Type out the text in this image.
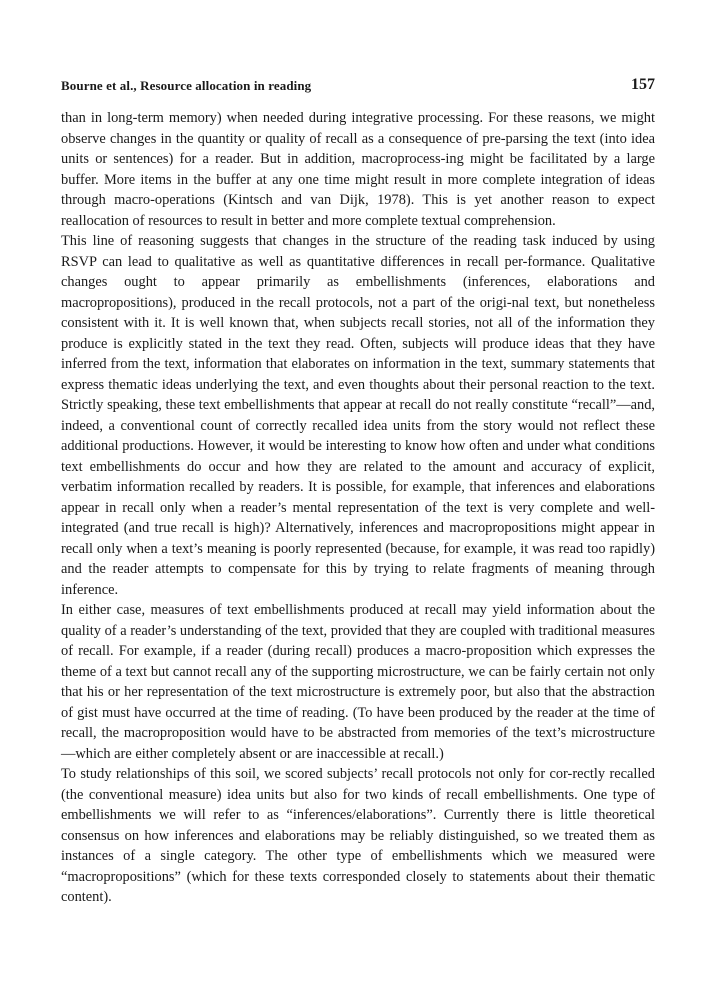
Bourne et al., Resource allocation in reading	157

than in long-term memory) when needed during integrative processing. For these reasons, we might observe changes in the quantity or quality of recall as a consequence of pre-parsing the text (into idea units or sentences) for a reader. But in addition, macroprocess-ing might be facilitated by a large buffer. More items in the buffer at any one time might result in more complete integration of ideas through macro-operations (Kintsch and van Dijk, 1978). This is yet another reason to expect reallocation of resources to result in better and more complete textual comprehension.

This line of reasoning suggests that changes in the structure of the reading task induced by using RSVP can lead to qualitative as well as quantitative differences in recall per-formance. Qualitative changes ought to appear primarily as embellishments (inferences, elaborations and macropropositions), produced in the recall protocols, not a part of the origi-nal text, but nonetheless consistent with it. It is well known that, when subjects recall stories, not all of the information they produce is explicitly stated in the text they read. Often, subjects will produce ideas that they have inferred from the text, information that elaborates on information in the text, summary statements that express thematic ideas underlying the text, and even thoughts about their personal reaction to the text. Strictly speaking, these text embellishments that appear at recall do not really constitute “recall”—and, indeed, a conventional count of correctly recalled idea units from the story would not reflect these additional productions. However, it would be interesting to know how often and under what conditions text embellishments do occur and how they are related to the amount and accuracy of explicit, verbatim information recalled by readers. It is possible, for example, that inferences and elaborations appear in recall only when a reader’s mental representation of the text is very complete and well-integrated (and true recall is high)? Alternatively, inferences and macropropositions might appear in recall only when a text’s meaning is poorly represented (because, for example, it was read too rapidly) and the reader attempts to compensate for this by trying to relate fragments of meaning through inference.

In either case, measures of text embellishments produced at recall may yield information about the quality of a reader’s understanding of the text, provided that they are coupled with traditional measures of recall. For example, if a reader (during recall) produces a macro-proposition which expresses the theme of a text but cannot recall any of the supporting microstructure, we can be fairly certain not only that his or her representation of the text microstructure is extremely poor, but also that the abstraction of gist must have occurred at the time of reading. (To have been produced by the reader at the time of recall, the macroproposition would have to be abstracted from memories of the text’s microstructure —which are either completely absent or are inaccessible at recall.)

To study relationships of this soil, we scored subjects’ recall protocols not only for cor-rectly recalled (the conventional measure) idea units but also for two kinds of recall embellishments. One type of embellishments we will refer to as “inferences/elaborations”. Currently there is little theoretical consensus on how inferences and elaborations may be reliably distinguished, so we treated them as instances of a single category. The other type of embellishments which we measured were “macropropositions” (which for these texts corresponded closely to statements about their thematic content).
